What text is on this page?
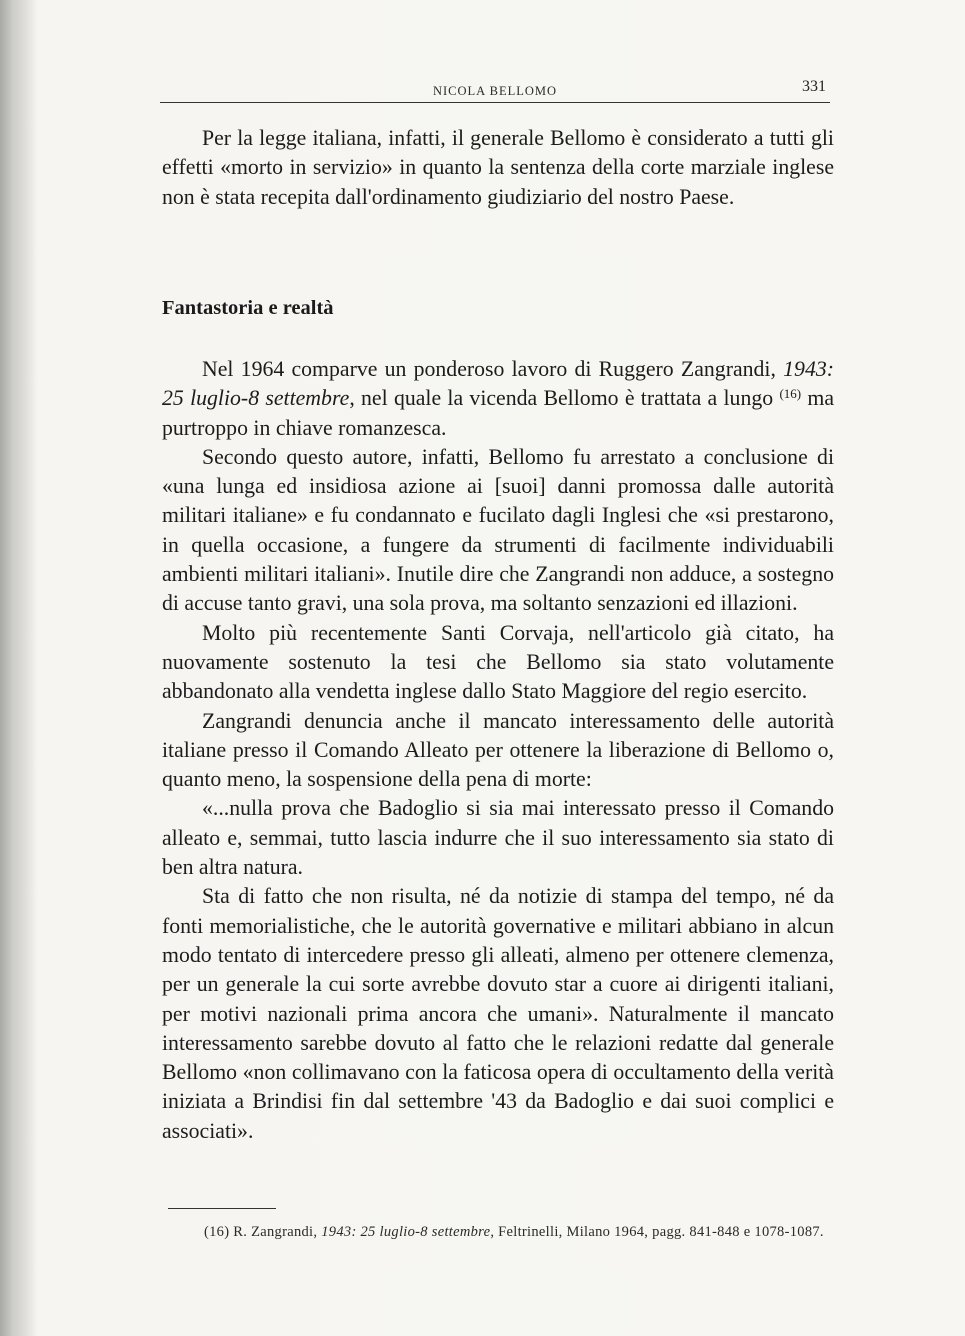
NICOLA BELLOMO	331

Per la legge italiana, infatti, il generale Bellomo è considerato a tutti gli effetti «morto in servizio» in quanto la sentenza della corte marziale inglese non è stata recepita dall'ordinamento giudiziario del nostro Paese.

Fantastoria e realtà

Nel 1964 comparve un ponderoso lavoro di Ruggero Zangrandi, 1943: 25 luglio-8 settembre, nel quale la vicenda Bellomo è trattata a lungo $^{(16)}$ ma purtroppo in chiave romanzesca.

Secondo questo autore, infatti, Bellomo fu arrestato a conclusione di «una lunga ed insidiosa azione ai [suoi] danni promossa dalle autorità militari italiane» e fu condannato e fucilato dagli Inglesi che «si prestarono, in quella occasione, a fungere da strumenti di facilmente individuabili ambienti militari italiani». Inutile dire che Zangrandi non adduce, a sostegno di accuse tanto gravi, una sola prova, ma soltanto senzazioni ed illazioni.

Molto più recentemente Santi Corvaja, nell'articolo già citato, ha nuovamente sostenuto la tesi che Bellomo sia stato volutamente abbandonato alla vendetta inglese dallo Stato Maggiore del regio esercito.

Zangrandi denuncia anche il mancato interessamento delle autorità italiane presso il Comando Alleato per ottenere la liberazione di Bellomo o, quanto meno, la sospensione della pena di morte:

«...nulla prova che Badoglio si sia mai interessato presso il Comando alleato e, semmai, tutto lascia indurre che il suo interessamento sia stato di ben altra natura.

Sta di fatto che non risulta, né da notizie di stampa del tempo, né da fonti memorialistiche, che le autorità governative e militari abbiano in alcun modo tentato di intercedere presso gli alleati, almeno per ottenere clemenza, per un generale la cui sorte avrebbe dovuto star a cuore ai dirigenti italiani, per motivi nazionali prima ancora che umani». Naturalmente il mancato interessamento sarebbe dovuto al fatto che le relazioni redatte dal generale Bellomo «non collimavano con la faticosa opera di occultamento della verità iniziata a Brindisi fin dal settembre '43 da Badoglio e dai suoi complici e associati».

(16) R. Zangrandi, 1943: 25 luglio-8 settembre, Feltrinelli, Milano 1964, pagg. 841-848 e 1078-1087.
